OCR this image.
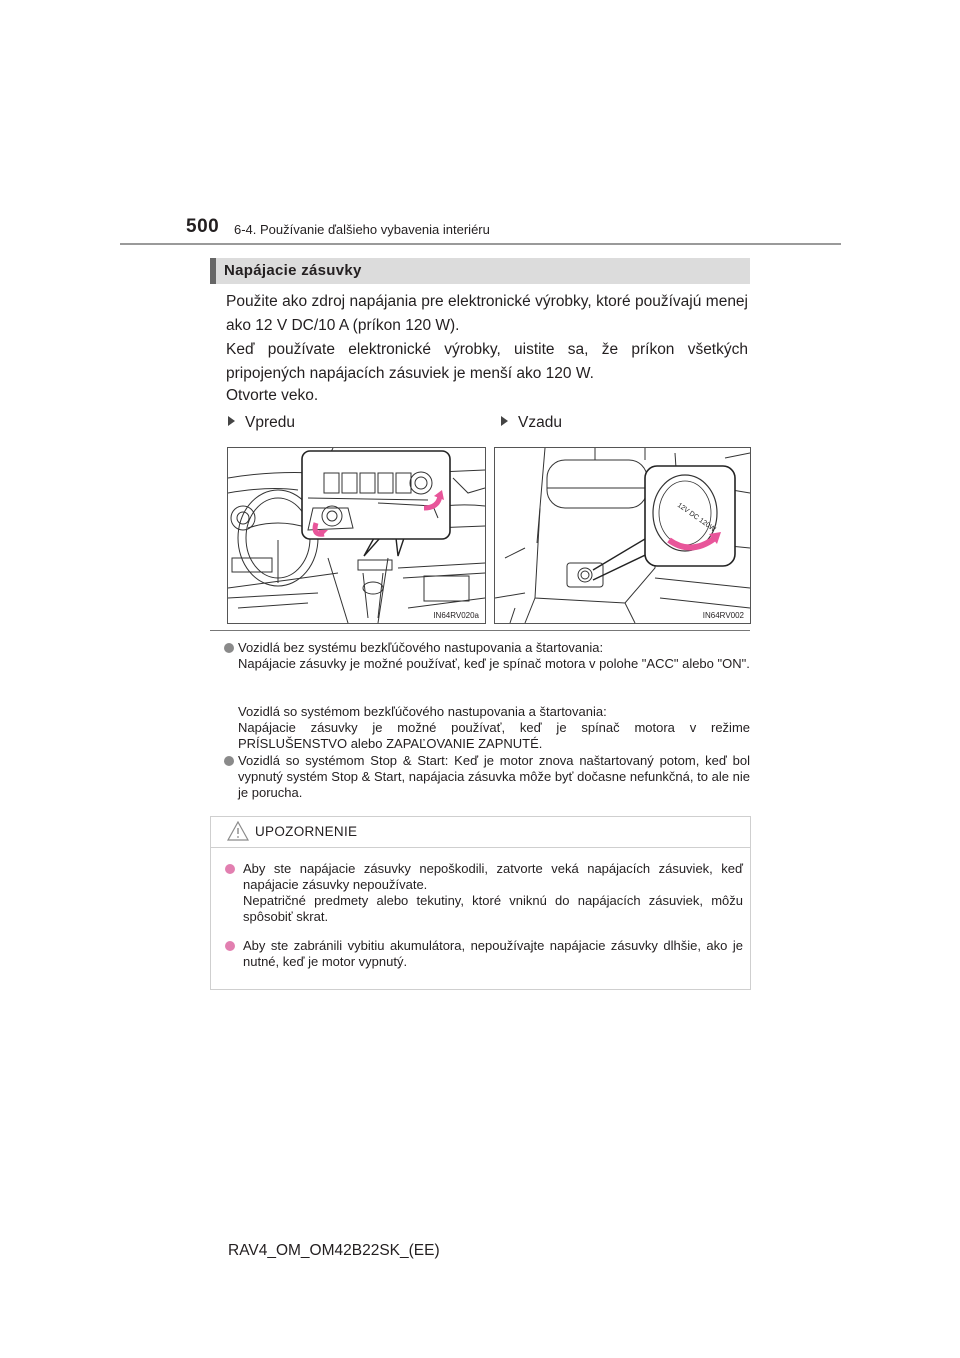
500 6-4. Používanie ďalšieho vybavenia interiéru
Napájacie zásuvky
Použite ako zdroj napájania pre elektronické výrobky, ktoré používajú menej ako 12 V DC/10 A (príkon 120 W).
Keď používate elektronické výrobky, uistite sa, že príkon všetkých pripojených napájacích zásuviek je menší ako 120 W.
Otvorte veko.
Vpredu	Vzadu
IN64RV020a
12V DC 120W
IN64RV002
Vozidlá bez systému bezkľúčového nastupovania a štartovania:
Napájacie zásuvky je možné používať, keď je spínač motora v polohe "ACC" alebo "ON".
Vozidlá so systémom bezkľúčového nastupovania a štartovania:
Napájacie zásuvky je možné používať, keď je spínač motora v režime PRÍSLUŠENSTVO alebo ZAPAĽOVANIE ZAPNUTÉ.
Vozidlá so systémom Stop & Start: Keď je motor znova naštartovaný potom, keď bol vypnutý systém Stop & Start, napájacia zásuvka môže byť dočasne nefunkčná, to ale nie je porucha.
UPOZORNENIE
Aby ste napájacie zásuvky nepoškodili, zatvorte veká napájacích zásuviek, keď napájacie zásuvky nepoužívate.
Nepatričné predmety alebo tekutiny, ktoré vniknú do napájacích zásuviek, môžu spôsobiť skrat.
Aby ste zabránili vybitiu akumulátora, nepoužívajte napájacie zásuvky dlhšie, ako je nutné, keď je motor vypnutý.
RAV4_OM_OM42B22SK_(EE)
